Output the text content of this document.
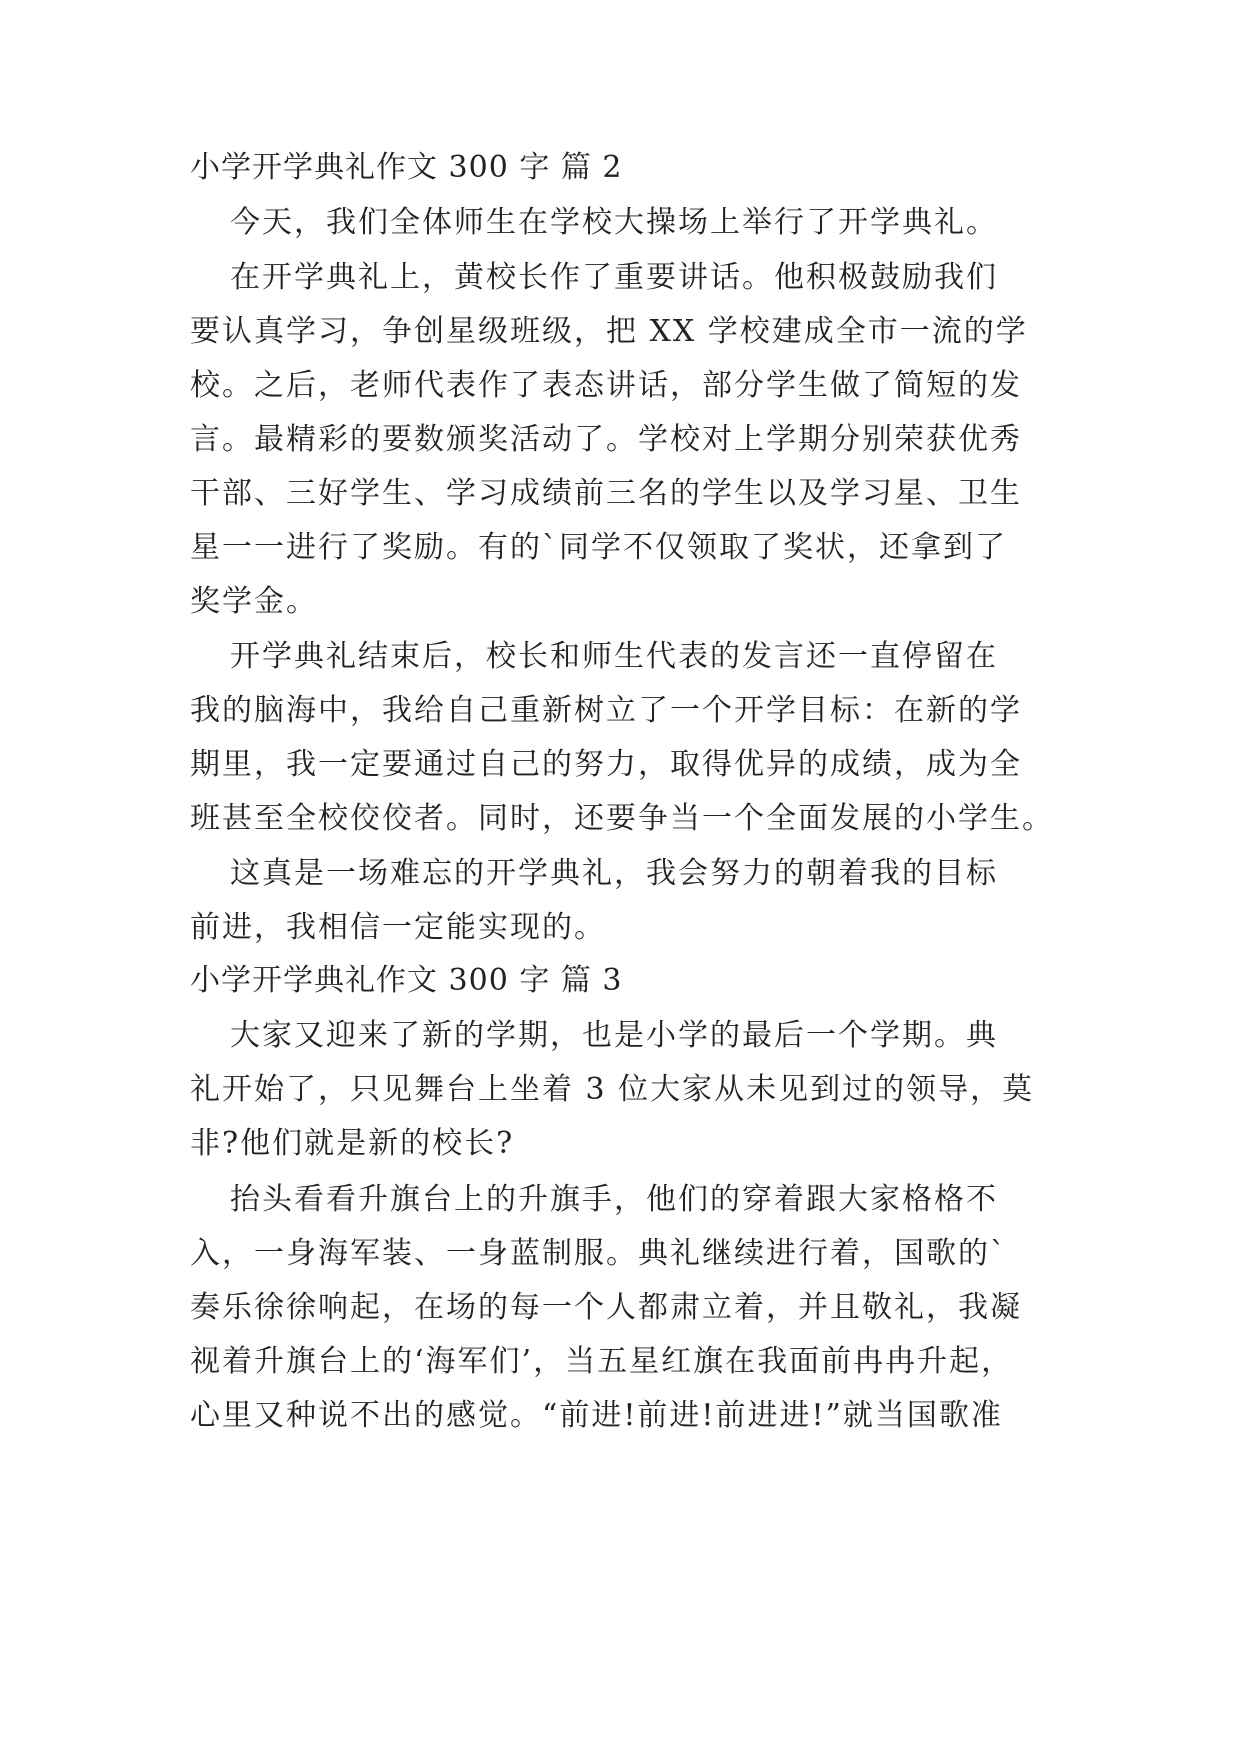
小学开学典礼作文 300 字 篇 2
今天，我们全体师生在学校大操场上举行了开学典礼。
在开学典礼上，黄校长作了重要讲话。他积极鼓励我们
要认真学习，争创星级班级，把 XX 学校建成全市一流的学
校。之后，老师代表作了表态讲话，部分学生做了简短的发
言。最精彩的要数颁奖活动了。学校对上学期分别荣获优秀
干部、三好学生、学习成绩前三名的学生以及学习星、卫生
星一一进行了奖励。有的`同学不仅领取了奖状，还拿到了
奖学金。
开学典礼结束后，校长和师生代表的发言还一直停留在
我的脑海中，我给自己重新树立了一个开学目标：在新的学
期里，我一定要通过自己的努力，取得优异的成绩，成为全
班甚至全校佼佼者。同时，还要争当一个全面发展的小学生。
这真是一场难忘的开学典礼，我会努力的朝着我的目标
前进，我相信一定能实现的。
小学开学典礼作文 300 字 篇 3
大家又迎来了新的学期，也是小学的最后一个学期。典
礼开始了，只见舞台上坐着 3 位大家从未见到过的领导，莫
非?他们就是新的校长?
抬头看看升旗台上的升旗手，他们的穿着跟大家格格不
入，一身海军装、一身蓝制服。典礼继续进行着，国歌的`
奏乐徐徐响起，在场的每一个人都肃立着，并且敬礼，我凝
视着升旗台上的‘海军们’，当五星红旗在我面前冉冉升起，
心里又种说不出的感觉。“前进!前进!前进进!”就当国歌准
